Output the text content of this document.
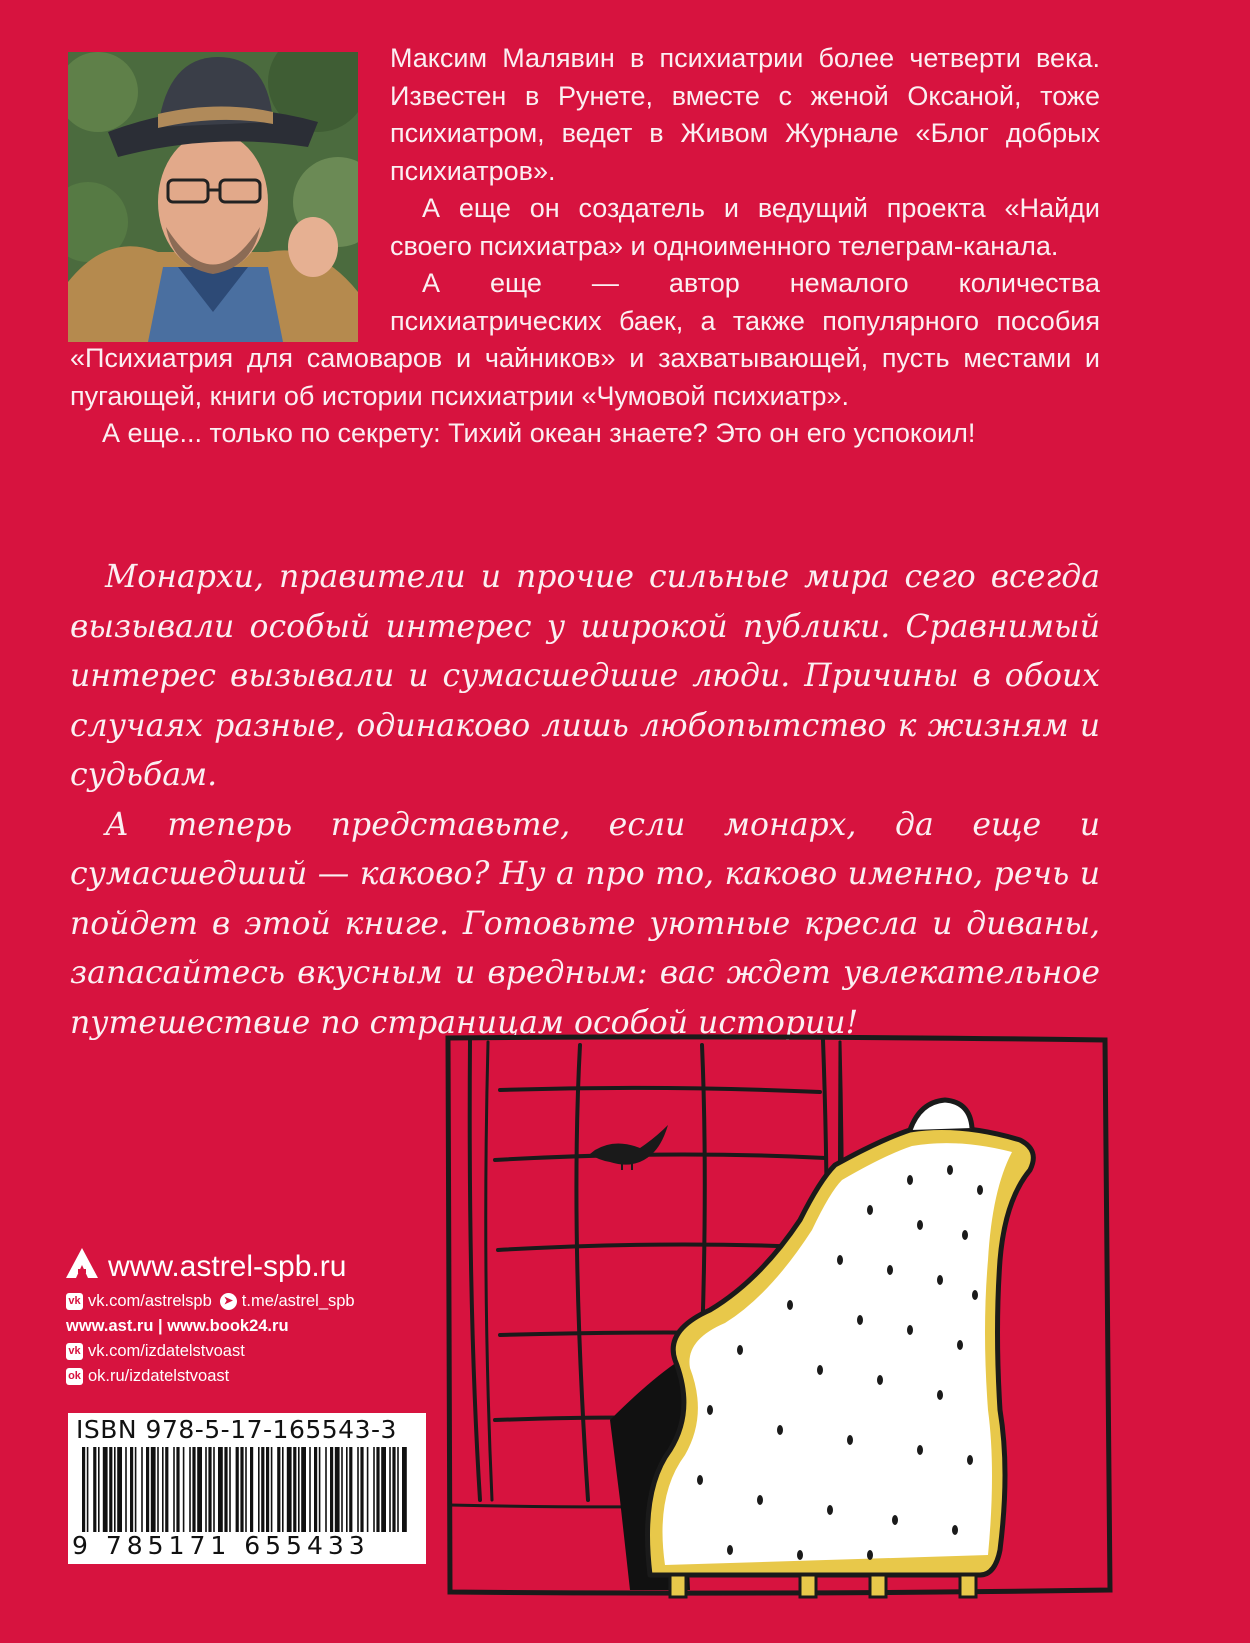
Максим Малявин в психиатрии более четверти века. Известен в Рунете, вместе с женой Оксаной, тоже психиатром, ведет в Живом Журнале «Блог добрых психиатров».

А еще он создатель и ведущий проекта «Найди своего психиатра» и одноименного телеграм-канала.

А еще — автор немалого количества психиатрических баек, а также популярного пособия «Психиатрия для самоваров и чайников» и захватывающей, пусть местами и пугающей, книги об истории психиатрии «Чумовой психиатр».

А еще... только по секрету: Тихий океан знаете? Это он его успокоил!

Монархи, правители и прочие сильные мира сего всегда вызывали особый интерес у широкой публики. Сравнимый интерес вызывали и сумасшедшие люди. Причины в обоих случаях разные, одинаково лишь любопытство к жизням и судьбам.

А теперь представьте, если монарх, да еще и сумасшедший — каково? Ну а про то, каково именно, речь и пойдет в этой книге. Готовьте уютные кресла и диваны, запасайтесь вкусным и вредным: вас ждет увлекательное путешествие по страницам особой истории!

www.astrel-spb.ru
vk vk.com/astrelspb	➤ t.me/astrel_spb
www.ast.ru | www.book24.ru
vk vk.com/izdatelstvoast
ok ok.ru/izdatelstvoast
ISBN 978-5-17-165543-3
9 785171 655433
